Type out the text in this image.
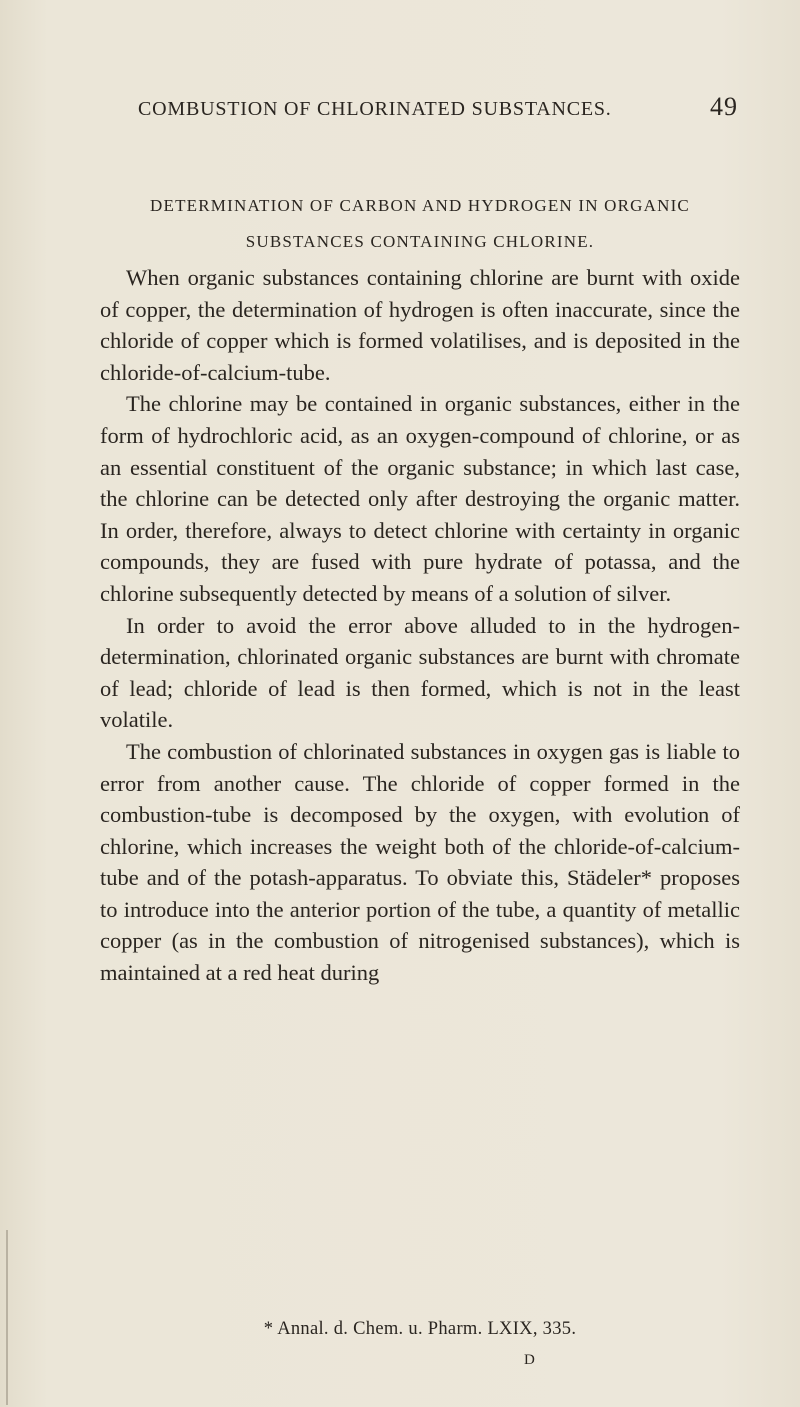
COMBUSTION OF CHLORINATED SUBSTANCES.	49
DETERMINATION OF CARBON AND HYDROGEN IN ORGANIC
SUBSTANCES CONTAINING CHLORINE.

When organic substances containing chlorine are burnt with oxide of copper, the determination of hydrogen is often inaccurate, since the chloride of copper which is formed volatilises, and is deposited in the chloride-of-calcium-tube.

The chlorine may be contained in organic substances, either in the form of hydrochloric acid, as an oxygen-compound of chlorine, or as an essential constituent of the organic substance; in which last case, the chlorine can be detected only after destroying the organic matter. In order, therefore, always to detect chlorine with certainty in organic compounds, they are fused with pure hydrate of potassa, and the chlorine subsequently detected by means of a solution of silver.

In order to avoid the error above alluded to in the hydrogen-determination, chlorinated organic substances are burnt with chromate of lead; chloride of lead is then formed, which is not in the least volatile.

The combustion of chlorinated substances in oxygen gas is liable to error from another cause. The chloride of copper formed in the combustion-tube is decomposed by the oxygen, with evolution of chlorine, which increases the weight both of the chloride-of-calcium-tube and of the potash-apparatus. To obviate this, Städeler* proposes to introduce into the anterior portion of the tube, a quantity of metallic copper (as in the combustion of nitrogenised substances), which is maintained at a red heat during

* Annal. d. Chem. u. Pharm. LXIX, 335.
D
